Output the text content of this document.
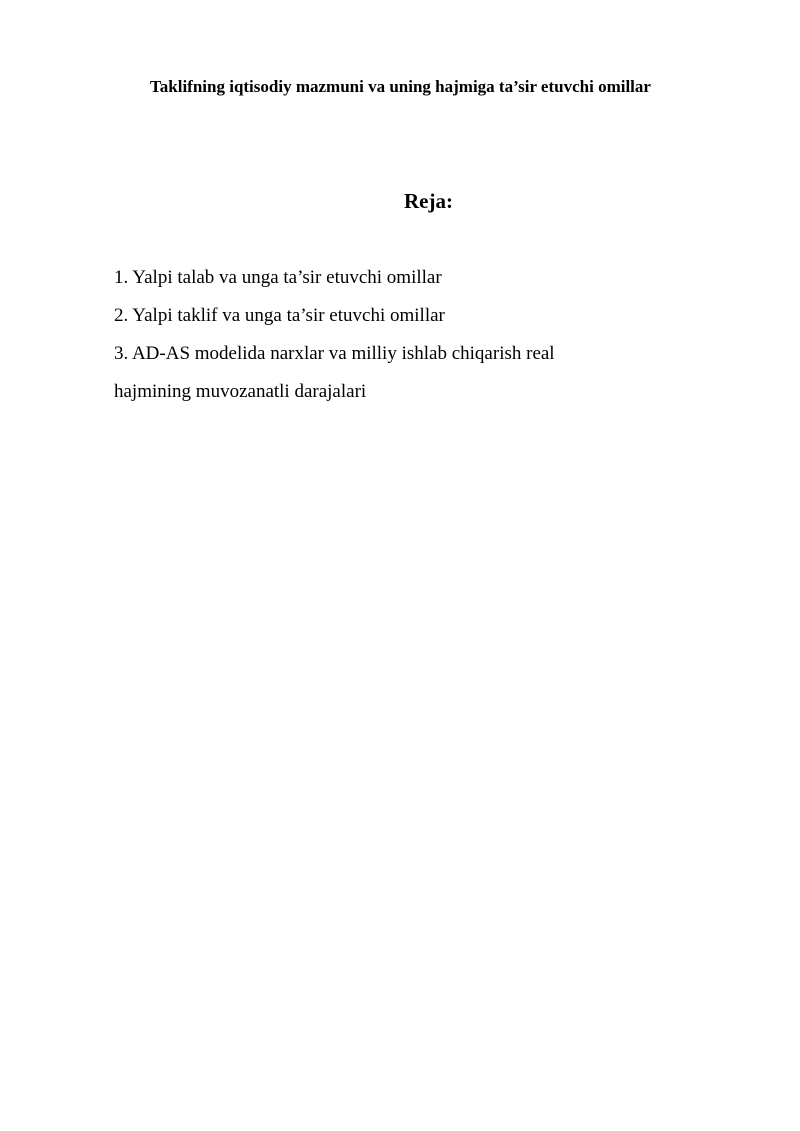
Taklifning iqtisodiy mazmuni va uning hajmiga ta’sir etuvchi omillar
Reja:
1. Yalpi talab va unga ta’sir etuvchi omillar
2. Yalpi taklif va unga ta’sir etuvchi omillar
3. AD-AS modelida narxlar va milliy ishlab chiqarish real hajmining muvozanatli darajalari
